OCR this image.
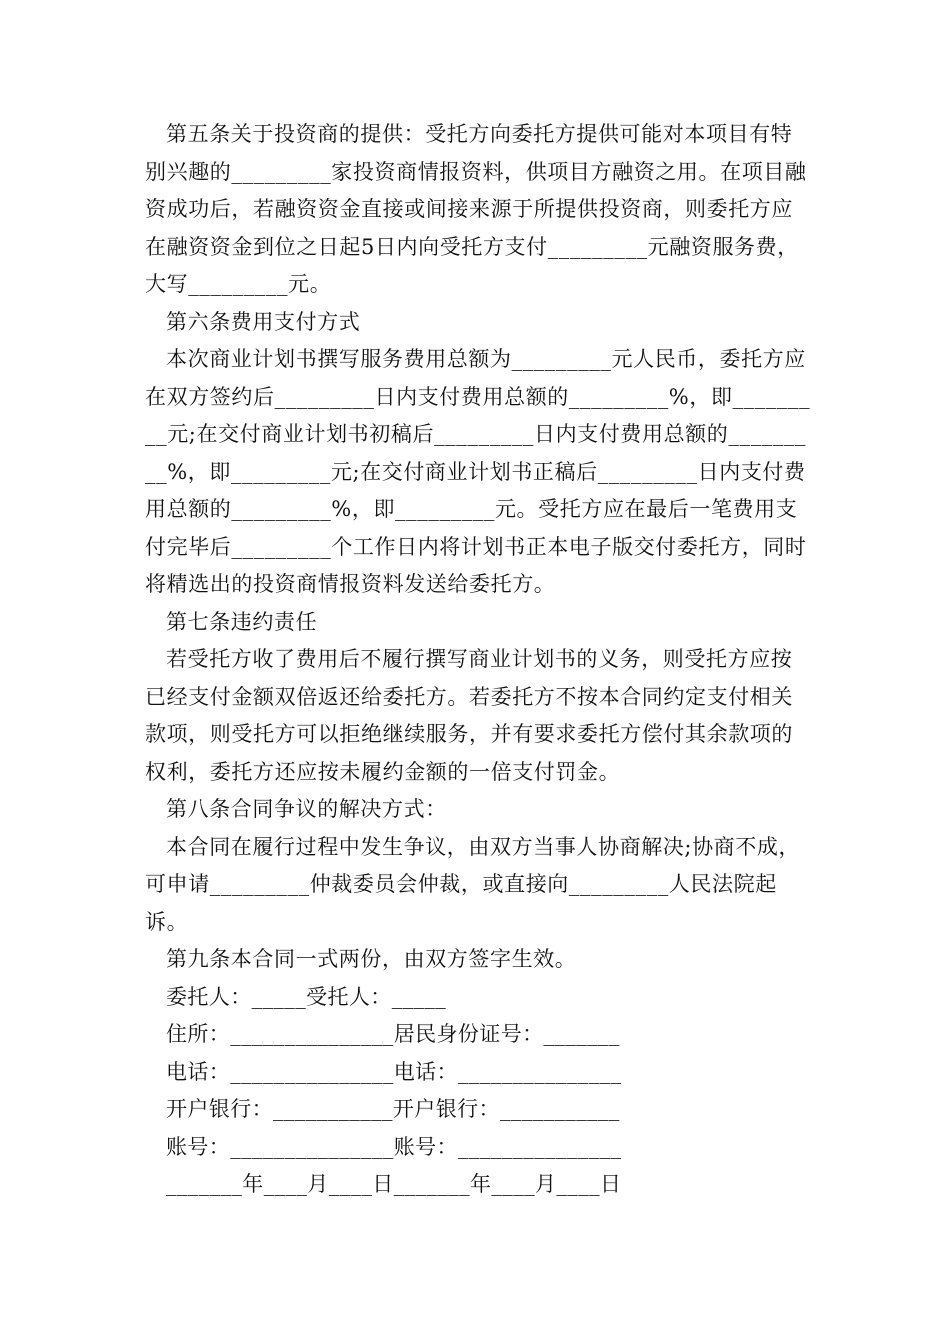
第五条关于投资商的提供：受托方向委托方提供可能对本项目有特别兴趣的_________家投资商情报资料，供项目方融资之用。在项目融资成功后，若融资资金直接或间接来源于所提供投资商，则委托方应在融资资金到位之日起5日内向受托方支付_________元融资服务费，大写_________元。

第六条费用支付方式

本次商业计划书撰写服务费用总额为_________元人民币，委托方应在双方签约后_________日内支付费用总额的_________%，即_________元;在交付商业计划书初稿后_________日内支付费用总额的_________%，即_________元;在交付商业计划书正稿后_________日内支付费用总额的_________%，即_________元。受托方应在最后一笔费用支付完毕后_________个工作日内将计划书正本电子版交付委托方，同时将精选出的投资商情报资料发送给委托方。

第七条违约责任

若受托方收了费用后不履行撰写商业计划书的义务，则受托方应按已经支付金额双倍返还给委托方。若委托方不按本合同约定支付相关款项，则受托方可以拒绝继续服务，并有要求委托方偿付其余款项的权利，委托方还应按未履约金额的一倍支付罚金。

第八条合同争议的解决方式：

本合同在履行过程中发生争议，由双方当事人协商解决;协商不成，可申请_________仲裁委员会仲裁，或直接向_________人民法院起诉。

第九条本合同一式两份，由双方签字生效。

委托人：_____受托人：_____

住所：_______________居民身份证号：_______

电话：_______________电话：_______________

开户银行：___________开户银行：___________

账号：_______________账号：_______________

_______年____月____日_______年____月____日
